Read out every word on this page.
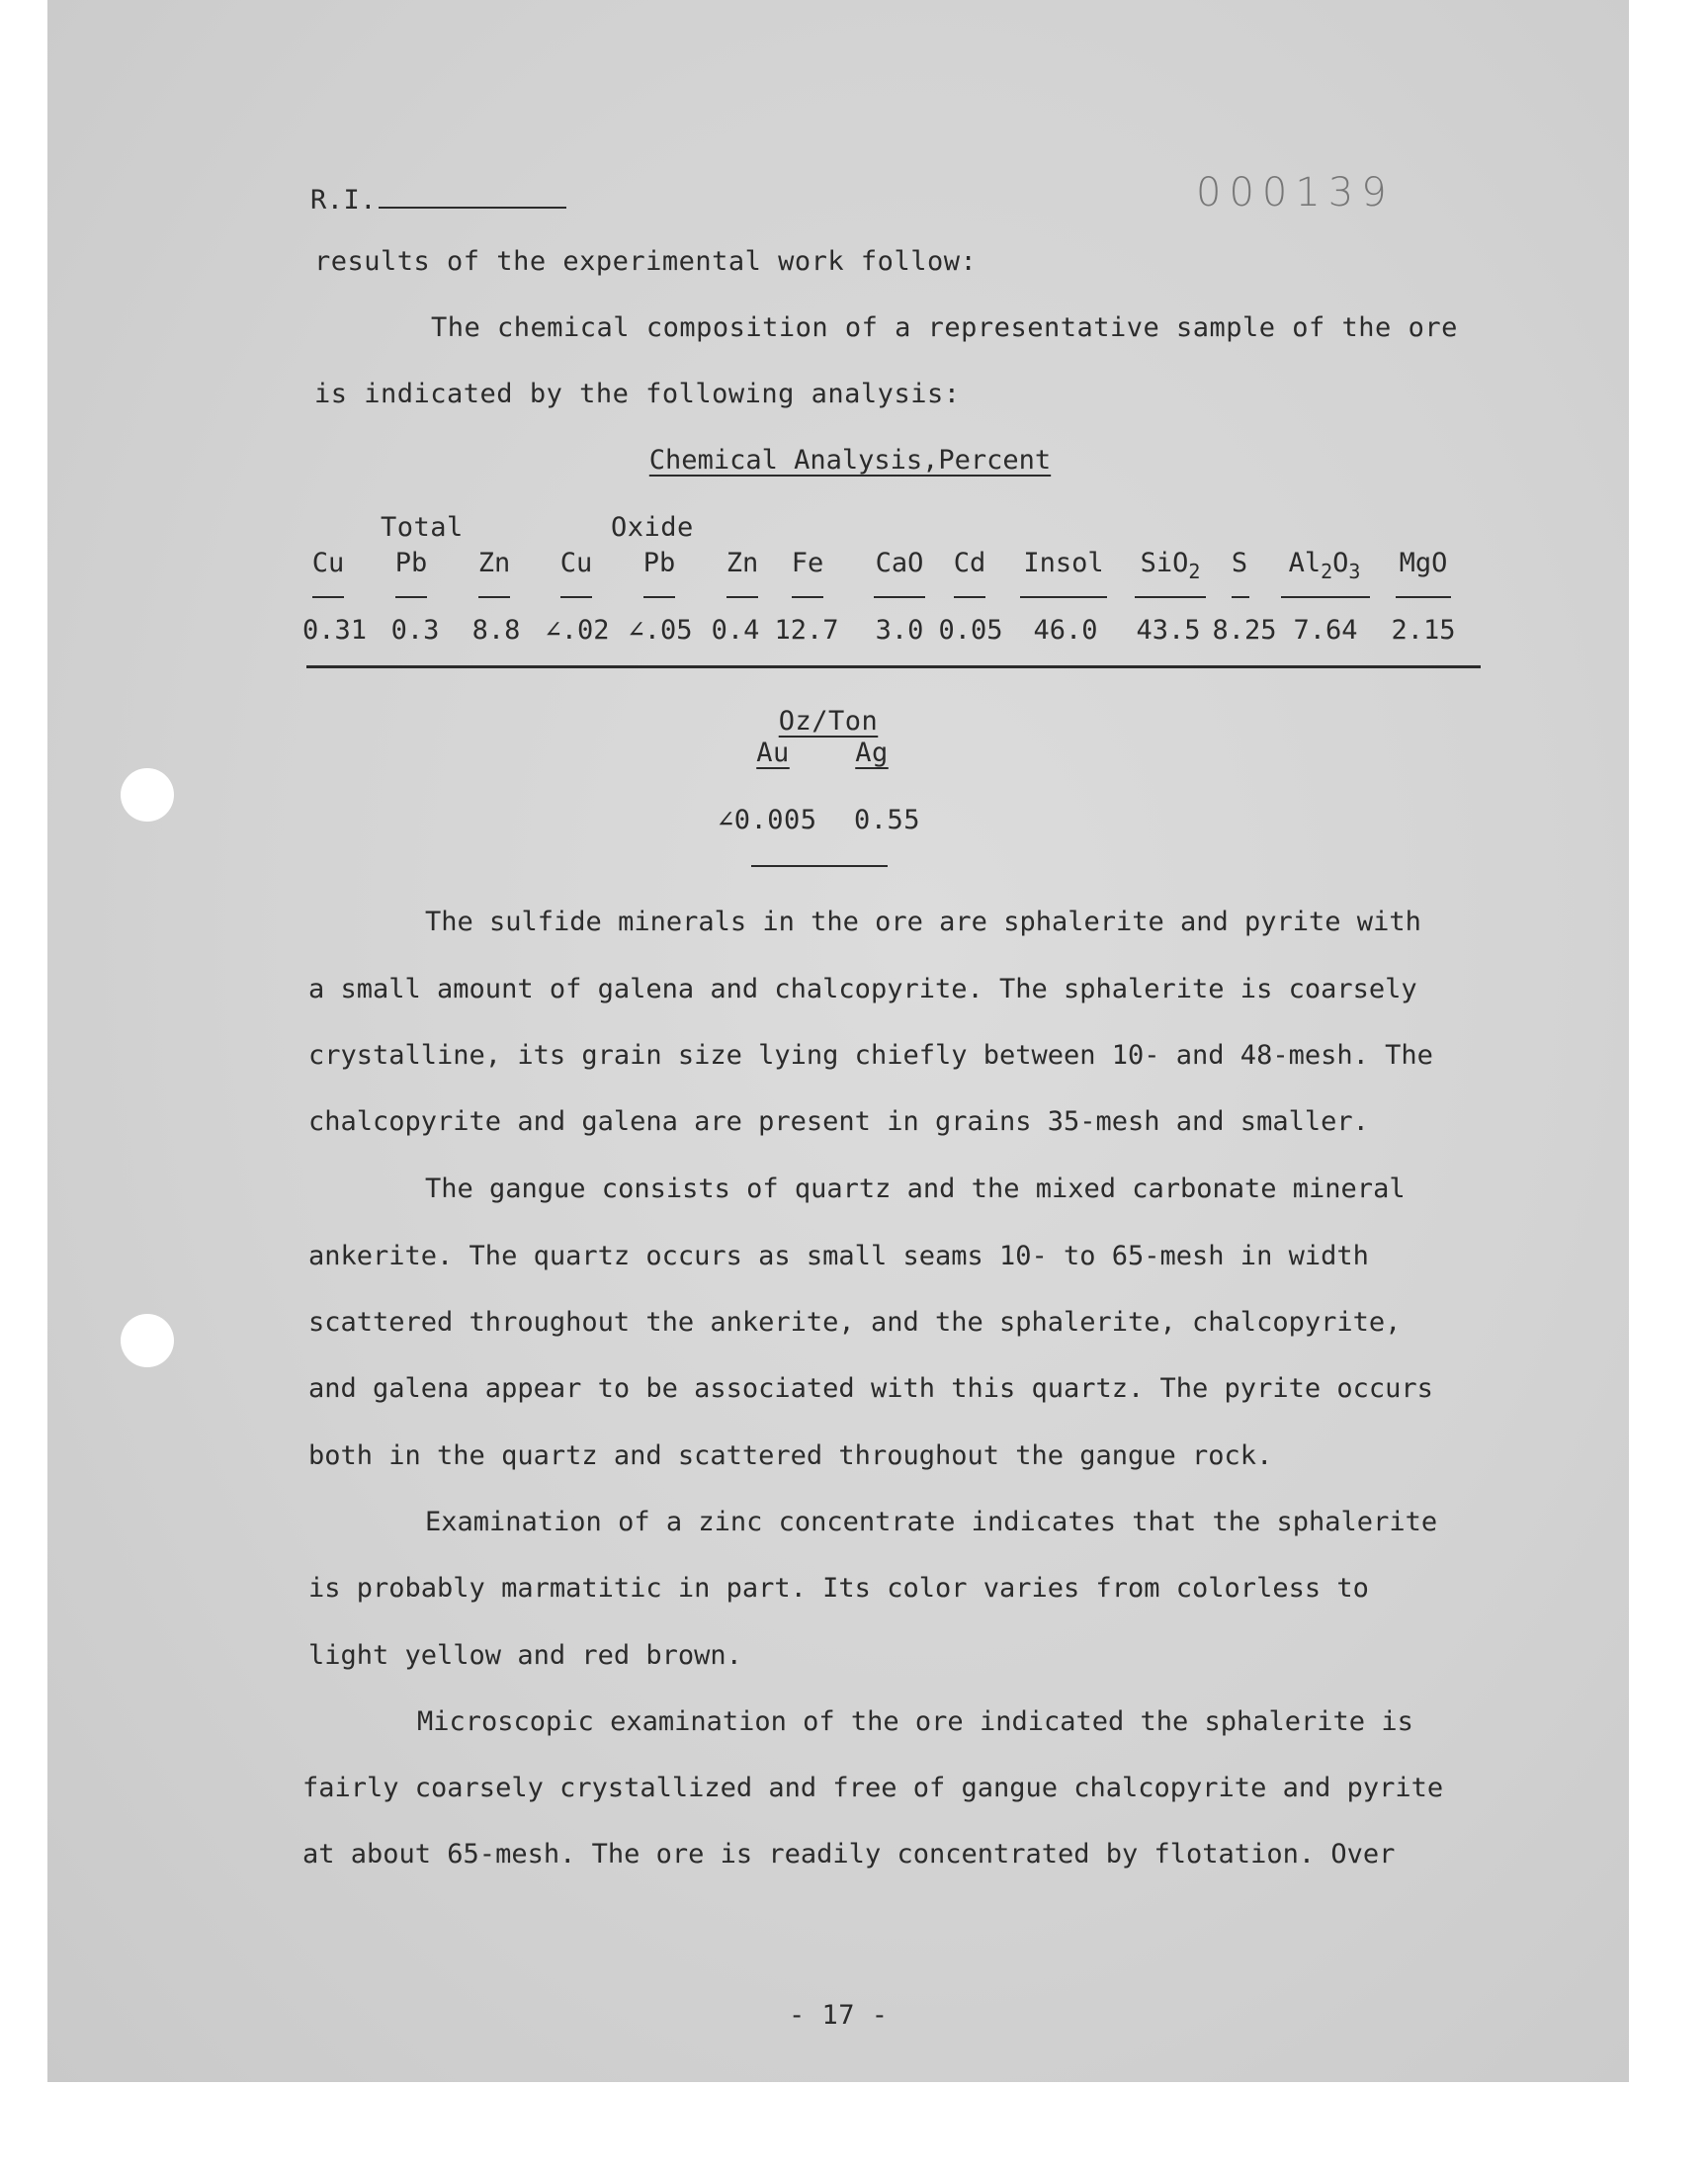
R.I.	000139
results of the experimental work follow:
The chemical composition of a representative sample of the ore
is indicated by the following analysis:
Chemical Analysis,Percent
Total	Oxide
Cu Pb Zn Cu Pb Zn Fe CaO Cd Insol	SiO$_2$	S	$Al_2O_3$	MgO
0.31 0.3 8.8 ∠.02 ∠.05 0.4 12.7 3.0 0.05 46.0 43.5 8.25 7.64 2.15
Oz/Ton
Au Ag
∠0.005 0.55
The sulfide minerals in the ore are sphalerite and pyrite with
a small amount of galena and chalcopyrite. The sphalerite is coarsely
crystalline, its grain size lying chiefly between 10- and 48-mesh. The
chalcopyrite and galena are present in grains 35-mesh and smaller.
The gangue consists of quartz and the mixed carbonate mineral
ankerite. The quartz occurs as small seams 10- to 65-mesh in width
scattered throughout the ankerite, and the sphalerite, chalcopyrite,
and galena appear to be associated with this quartz. The pyrite occurs
both in the quartz and scattered throughout the gangue rock.
Examination of a zinc concentrate indicates that the sphalerite
is probably marmatitic in part. Its color varies from colorless to
light yellow and red brown.
Microscopic examination of the ore indicated the sphalerite is
fairly coarsely crystallized and free of gangue chalcopyrite and pyrite
at about 65-mesh. The ore is readily concentrated by flotation. Over
- 17 -
